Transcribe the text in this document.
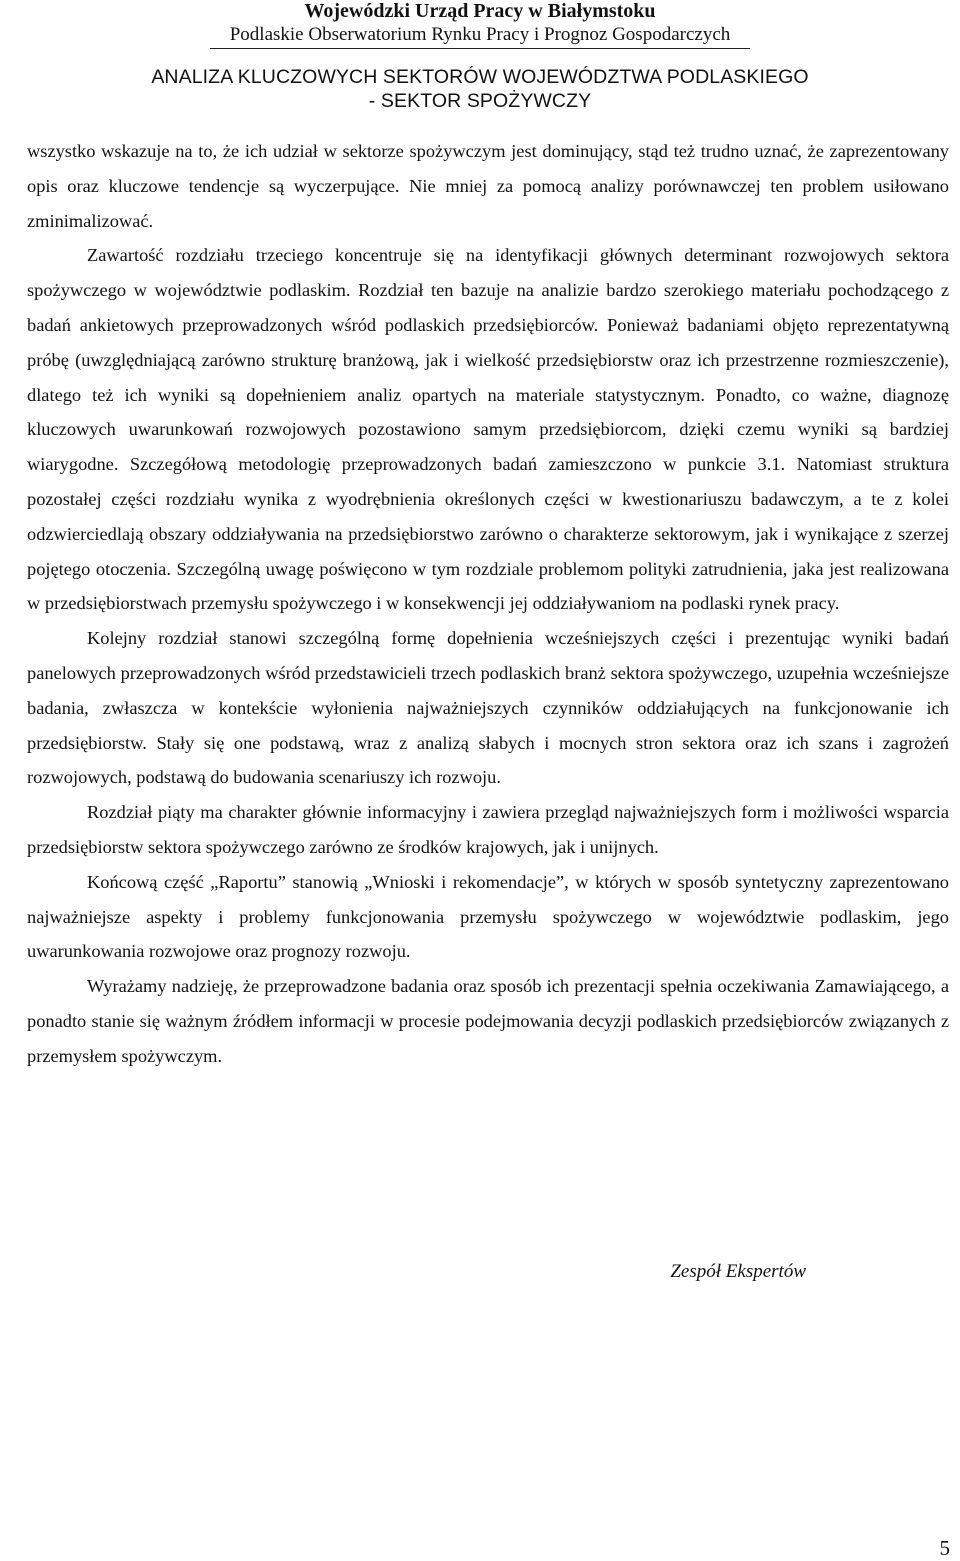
Wojewódzki Urząd Pracy w Białymstoku
Podlaskie Obserwatorium Rynku Pracy i Prognoz Gospodarczych
ANALIZA KLUCZOWYCH SEKTORÓW WOJEWÓDZTWA PODLASKIEGO
- SEKTOR SPOŻYWCZY

wszystko wskazuje na to, że ich udział w sektorze spożywczym jest dominujący, stąd też trudno uznać, że zaprezentowany opis oraz kluczowe tendencje są wyczerpujące. Nie mniej za pomocą analizy porównawczej ten problem usiłowano zminimalizować.

Zawartość rozdziału trzeciego koncentruje się na identyfikacji głównych determinant rozwojowych sektora spożywczego w województwie podlaskim. Rozdział ten bazuje na analizie bardzo szerokiego materiału pochodzącego z badań ankietowych przeprowadzonych wśród podlaskich przedsiębiorców. Ponieważ badaniami objęto reprezentatywną próbę (uwzględniającą zarówno strukturę branżową, jak i wielkość przedsiębiorstw oraz ich przestrzenne rozmieszczenie), dlatego też ich wyniki są dopełnieniem analiz opartych na materiale statystycznym. Ponadto, co ważne, diagnozę kluczowych uwarunkowań rozwojowych pozostawiono samym przedsiębiorcom, dzięki czemu wyniki są bardziej wiarygodne. Szczegółową metodologię przeprowadzonych badań zamieszczono w punkcie 3.1. Natomiast struktura pozostałej części rozdziału wynika z wyodrębnienia określonych części w kwestionariuszu badawczym, a te z kolei odzwierciedlają obszary oddziaływania na przedsiębiorstwo zarówno o charakterze sektorowym, jak i wynikające z szerzej pojętego otoczenia. Szczególną uwagę poświęcono w tym rozdziale problemom polityki zatrudnienia, jaka jest realizowana w przedsiębiorstwach przemysłu spożywczego i w konsekwencji jej oddziaływaniom na podlaski rynek pracy.

Kolejny rozdział stanowi szczególną formę dopełnienia wcześniejszych części i prezentując wyniki badań panelowych przeprowadzonych wśród przedstawicieli trzech podlaskich branż sektora spożywczego, uzupełnia wcześniejsze badania, zwłaszcza w kontekście wyłonienia najważniejszych czynników oddziałujących na funkcjonowanie ich przedsiębiorstw. Stały się one podstawą, wraz z analizą słabych i mocnych stron sektora oraz ich szans i zagrożeń rozwojowych, podstawą do budowania scenariuszy ich rozwoju.

Rozdział piąty ma charakter głównie informacyjny i zawiera przegląd najważniejszych form i możliwości wsparcia przedsiębiorstw sektora spożywczego zarówno ze środków krajowych, jak i unijnych.

Końcową część „Raportu” stanowią „Wnioski i rekomendacje”, w których w sposób syntetyczny zaprezentowano najważniejsze aspekty i problemy funkcjonowania przemysłu spożywczego w województwie podlaskim, jego uwarunkowania rozwojowe oraz prognozy rozwoju.

Wyrażamy nadzieję, że przeprowadzone badania oraz sposób ich prezentacji spełnia oczekiwania Zamawiającego, a ponadto stanie się ważnym źródłem informacji w procesie podejmowania decyzji podlaskich przedsiębiorców związanych z przemysłem spożywczym.

Zespół Ekspertów
5
